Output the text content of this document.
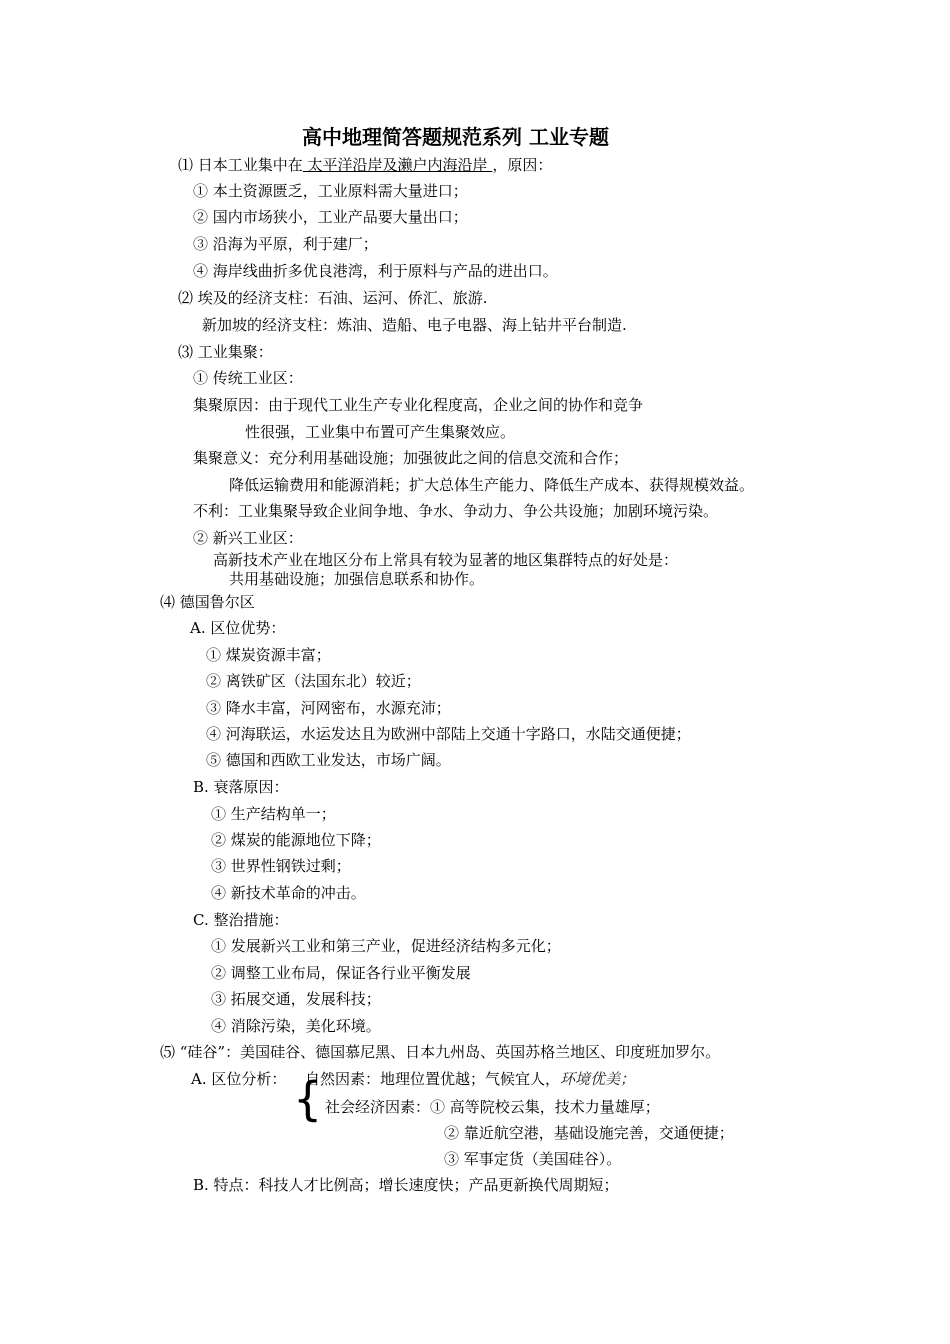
高中地理简答题规范系列 工业专题
⑴ 日本工业集中在 太平洋沿岸及濑户内海沿岸 ，原因：
① 本土资源匮乏，工业原料需大量进口；
② 国内市场狭小，工业产品要大量出口；
③ 沿海为平原，利于建厂；
④ 海岸线曲折多优良港湾，利于原料与产品的进出口。
⑵ 埃及的经济支柱：石油、运河、侨汇、旅游.
新加坡的经济支柱：炼油、造船、电子电器、海上钻井平台制造.
⑶ 工业集聚：
① 传统工业区：
集聚原因：由于现代工业生产专业化程度高，企业之间的协作和竞争
性很强，工业集中布置可产生集聚效应。
集聚意义：充分利用基础设施；加强彼此之间的信息交流和合作；
降低运输费用和能源消耗；扩大总体生产能力、降低生产成本、获得规模效益。
不利：工业集聚导致企业间争地、争水、争动力、争公共设施；加剧环境污染。
② 新兴工业区：
高新技术产业在地区分布上常具有较为显著的地区集群特点的好处是：
共用基础设施；加强信息联系和协作。
⑷ 德国鲁尔区
A. 区位优势：
① 煤炭资源丰富；
② 离铁矿区（法国东北）较近；
③ 降水丰富，河网密布，水源充沛；
④ 河海联运，水运发达且为欧洲中部陆上交通十字路口，水陆交通便捷；
⑤ 德国和西欧工业发达，市场广阔。
B. 衰落原因：
① 生产结构单一；
② 煤炭的能源地位下降；
③ 世界性钢铁过剩；
④ 新技术革命的冲击。
C. 整治措施：
① 发展新兴工业和第三产业，促进经济结构多元化；
② 调整工业布局，保证各行业平衡发展
③ 拓展交通，发展科技；
④ 消除污染，美化环境。
⑸ “硅谷”：美国硅谷、德国慕尼黑、日本九州岛、英国苏格兰地区、印度班加罗尔。
A. 区位分析： 自然因素：地理位置优越；气候宜人，环境优美；
{ 社会经济因素：① 高等院校云集，技术力量雄厚；
② 靠近航空港，基础设施完善，交通便捷；
③ 军事定货（美国硅谷）。
B. 特点：科技人才比例高；增长速度快；产品更新换代周期短；
